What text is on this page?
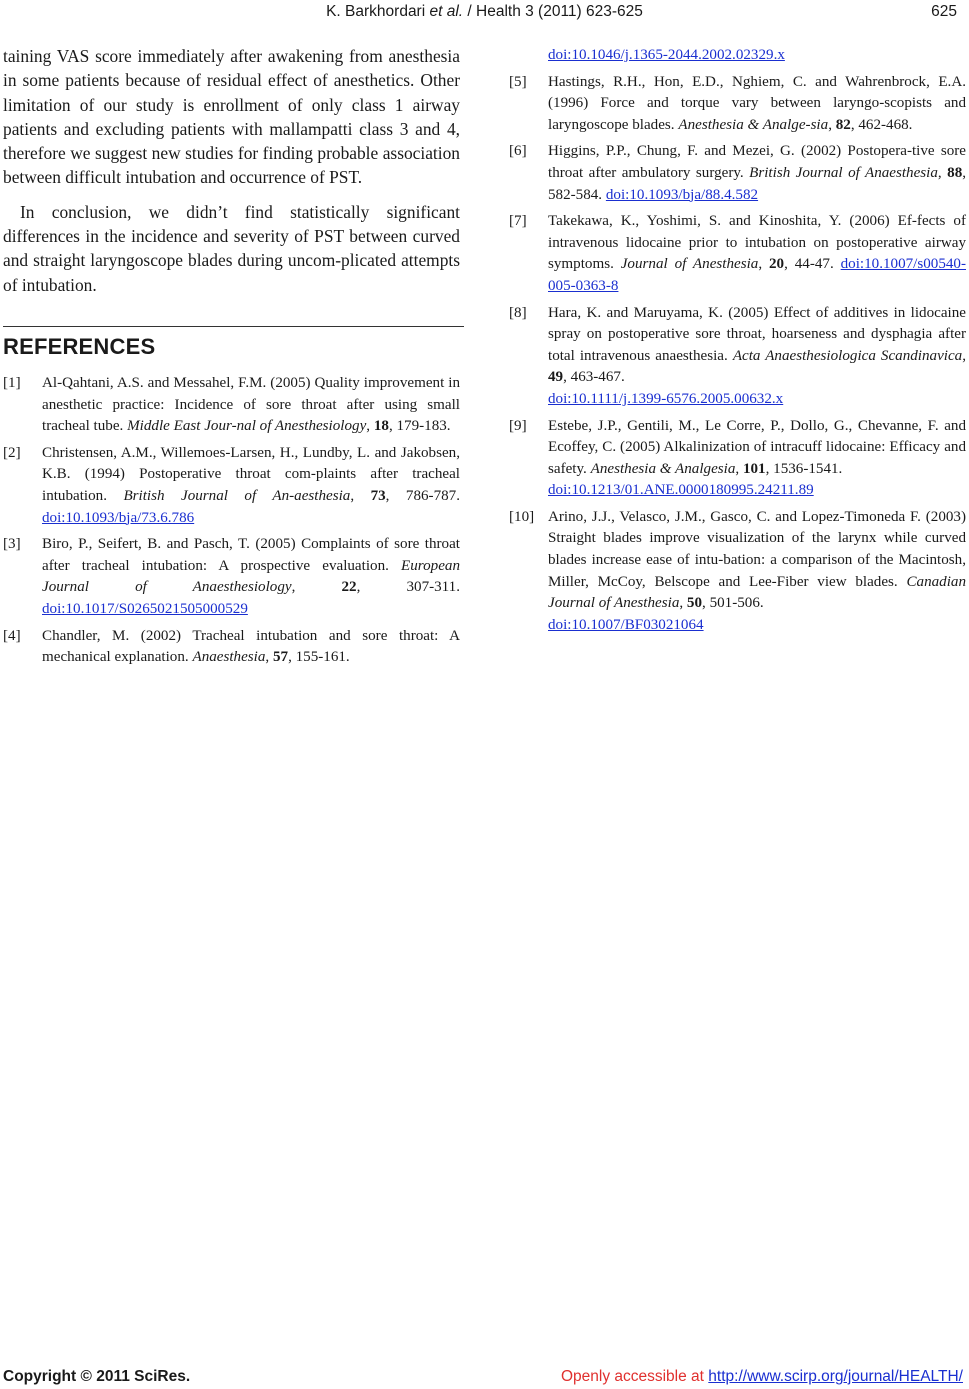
K. Barkhordari et al. / Health 3 (2011) 623-625	625

taining VAS score immediately after awakening from anesthesia in some patients because of residual effect of anesthetics. Other limitation of our study is enrollment of only class 1 airway patients and excluding patients with mallampatti class 3 and 4, therefore we suggest new studies for finding probable association between difficult intubation and occurrence of PST.

In conclusion, we didn’t find statistically significant differences in the incidence and severity of PST between curved and straight laryngoscope blades during uncom-plicated attempts of intubation.

REFERENCES
[1]	Al-Qahtani, A.S. and Messahel, F.M. (2005) Quality improvement in anesthetic practice: Incidence of sore throat after using small tracheal tube. Middle East Jour-nal of Anesthesiology, 18, 179-183.
[2]	Christensen, A.M., Willemoes-Larsen, H., Lundby, L. and Jakobsen, K.B. (1994) Postoperative throat com-plaints after tracheal intubation. British Journal of An-aesthesia, 73, 786-787. doi:10.1093/bja/73.6.786
[3]	Biro, P., Seifert, B. and Pasch, T. (2005) Complaints of sore throat after tracheal intubation: A prospective evaluation. European Journal of Anaesthesiology, 22, 307-311. doi:10.1017/S0265021505000529
[4]	Chandler, M. (2002) Tracheal intubation and sore throat: A mechanical explanation. Anaesthesia, 57, 155-161.
doi:10.1046/j.1365-2044.2002.02329.x
[5]	Hastings, R.H., Hon, E.D., Nghiem, C. and Wahrenbrock, E.A. (1996) Force and torque vary between laryngo-scopists and laryngoscope blades. Anesthesia & Analge-sia, 82, 462-468.
[6]	Higgins, P.P., Chung, F. and Mezei, G. (2002) Postopera-tive sore throat after ambulatory surgery. British Journal of Anaesthesia, 88, 582-584. doi:10.1093/bja/88.4.582
[7]	Takekawa, K., Yoshimi, S. and Kinoshita, Y. (2006) Ef-fects of intravenous lidocaine prior to intubation on postoperative airway symptoms. Journal of Anesthesia, 20, 44-47. doi:10.1007/s00540-005-0363-8
[8]	Hara, K. and Maruyama, K. (2005) Effect of additives in lidocaine spray on postoperative sore throat, hoarseness and dysphagia after total intravenous anaesthesia. Acta Anaesthesiologica Scandinavica, 49, 463-467.
doi:10.1111/j.1399-6576.2005.00632.x
[9]	Estebe, J.P., Gentili, M., Le Corre, P., Dollo, G., Chevanne, F. and Ecoffey, C. (2005) Alkalinization of intracuff lidocaine: Efficacy and safety. Anesthesia & Analgesia, 101, 1536-1541.
doi:10.1213/01.ANE.0000180995.24211.89
[10] Arino, J.J., Velasco, J.M., Gasco, C. and Lopez-Timoneda F. (2003) Straight blades improve visualization of the larynx while curved blades increase ease of intu-bation: a comparison of the Macintosh, Miller, McCoy, Belscope and Lee-Fiber view blades. Canadian Journal of Anesthesia, 50, 501-506.
doi:10.1007/BF03021064
Copyright © 2011 SciRes.	Openly accessible at http://www.scirp.org/journal/HEALTH/
